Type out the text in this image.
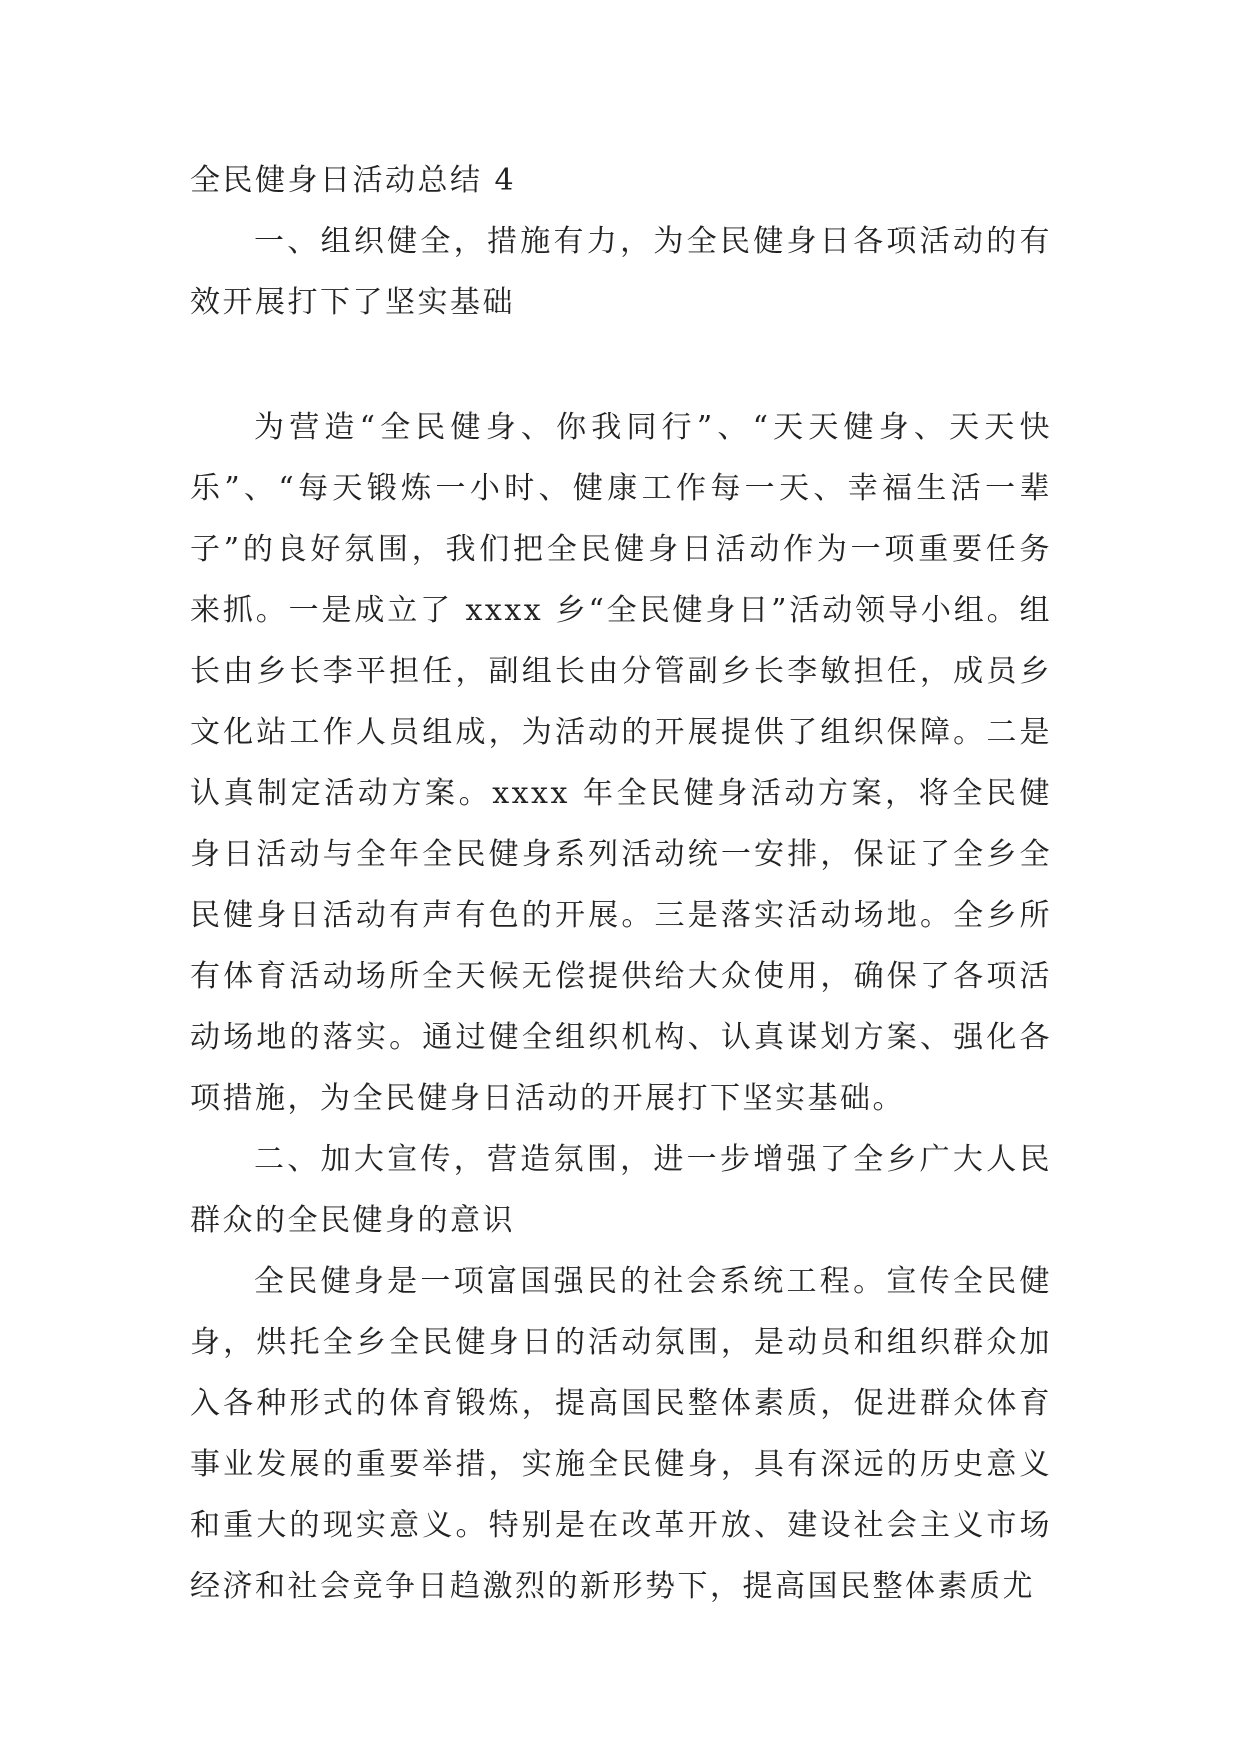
全民健身日活动总结 4

一、组织健全，措施有力，为全民健身日各项活动的有效开展打下了坚实基础

为营造“全民健身、你我同行”、“天天健身、天天快乐”、“每天锻炼一小时、健康工作每一天、幸福生活一辈子”的良好氛围，我们把全民健身日活动作为一项重要任务来抓。一是成立了 xxxx 乡“全民健身日”活动领导小组。组长由乡长李平担任，副组长由分管副乡长李敏担任，成员乡文化站工作人员组成，为活动的开展提供了组织保障。二是认真制定活动方案。xxxx 年全民健身活动方案，将全民健身日活动与全年全民健身系列活动统一安排，保证了全乡全民健身日活动有声有色的开展。三是落实活动场地。全乡所有体育活动场所全天候无偿提供给大众使用，确保了各项活动场地的落实。通过健全组织机构、认真谋划方案、强化各项措施，为全民健身日活动的开展打下坚实基础。

二、加大宣传，营造氛围，进一步增强了全乡广大人民群众的全民健身的意识

全民健身是一项富国强民的社会系统工程。宣传全民健身，烘托全乡全民健身日的活动氛围，是动员和组织群众加入各种形式的体育锻炼，提高国民整体素质，促进群众体育事业发展的重要举措，实施全民健身，具有深远的历史意义和重大的现实意义。特别是在改革开放、建设社会主义市场经济和社会竞争日趋激烈的新形势下，提高国民整体素质尤
